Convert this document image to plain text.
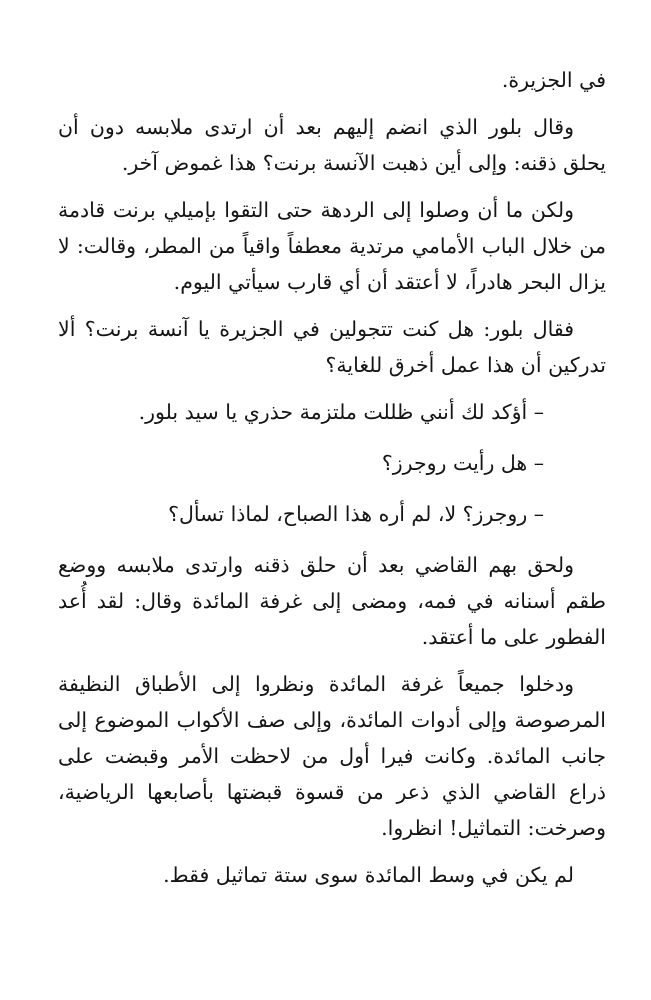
في الجزيرة.

وقال بلور الذي انضم إليهم بعد أن ارتدى ملابسه دون أن يحلق ذقنه: وإلى أين ذهبت الآنسة برنت؟ هذا غموض آخر.

ولكن ما أن وصلوا إلى الردهة حتى التقوا بإميلي برنت قادمة من خلال الباب الأمامي مرتدية معطفاً واقياً من المطر، وقالت: لا يزال البحر هادراً، لا أعتقد أن أي قارب سيأتي اليوم.

فقال بلور: هل كنت تتجولين في الجزيرة يا آنسة برنت؟ ألا تدركين أن هذا عمل أخرق للغاية؟

– أؤكد لك أنني ظللت ملتزمة حذري يا سيد بلور.

– هل رأيت روجرز؟

– روجرز؟ لا، لم أره هذا الصباح، لماذا تسأل؟

ولحق بهم القاضي بعد أن حلق ذقنه وارتدى ملابسه ووضع طقم أسنانه في فمه، ومضى إلى غرفة المائدة وقال: لقد أُعد الفطور على ما أعتقد.

ودخلوا جميعاً غرفة المائدة ونظروا إلى الأطباق النظيفة المرصوصة وإلى أدوات المائدة، وإلى صف الأكواب الموضوع إلى جانب المائدة. وكانت فيرا أول من لاحظت الأمر وقبضت على ذراع القاضي الذي ذعر من قسوة قبضتها بأصابعها الرياضية، وصرخت: التماثيل! انظروا.

لم يكن في وسط المائدة سوى ستة تماثيل فقط.
